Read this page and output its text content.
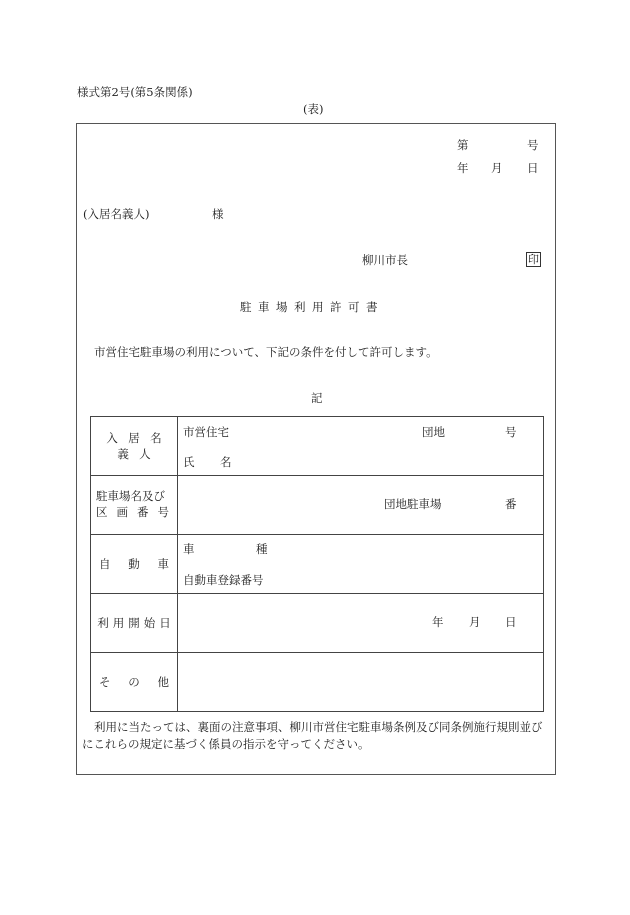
様式第2号(第5条関係)
(表)
第	号
年 月 日
(入居名義人)	様
柳川市長	印
駐車場利用許可書
市営住宅駐車場の利用について、下記の条件を付して許可します。
記
入居名義人	市営住宅 団地 号
氏 名

駐車場名及び
区画番号	団地駐車場 番

自 動 車	車 種
自動車登録番号

利用開始日	年 月 日

そ の 他	

利用に当たっては、裏面の注意事項、柳川市営住宅駐車場条例及び同条例施行規則並び
にこれらの規定に基づく係員の指示を守ってください。
